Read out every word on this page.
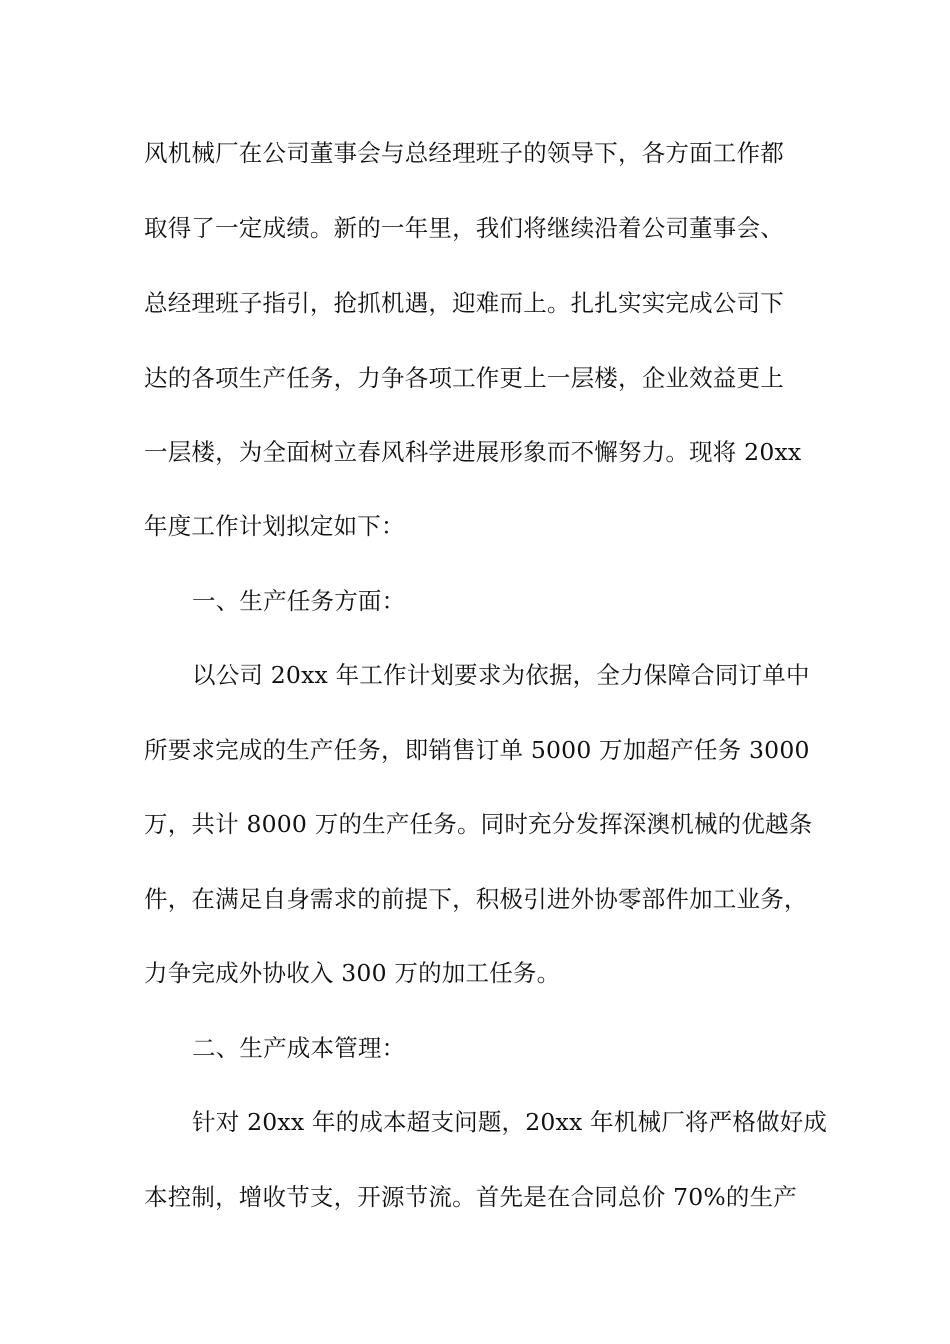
风机械厂在公司董事会与总经理班子的领导下，各方面工作都
取得了一定成绩。新的一年里，我们将继续沿着公司董事会、
总经理班子指引，抢抓机遇，迎难而上。扎扎实实完成公司下
达的各项生产任务，力争各项工作更上一层楼，企业效益更上
一层楼，为全面树立春风科学进展形象而不懈努力。现将 20xx
年度工作计划拟定如下：
一、生产任务方面：
以公司 20xx 年工作计划要求为依据，全力保障合同订单中
所要求完成的生产任务，即销售订单 5000 万加超产任务 3000
万，共计 8000 万的生产任务。同时充分发挥深澳机械的优越条
件，在满足自身需求的前提下，积极引进外协零部件加工业务，
力争完成外协收入 300 万的加工任务。
二、生产成本管理：
针对 20xx 年的成本超支问题，20xx 年机械厂将严格做好成
本控制，增收节支，开源节流。首先是在合同总价 70%的生产
